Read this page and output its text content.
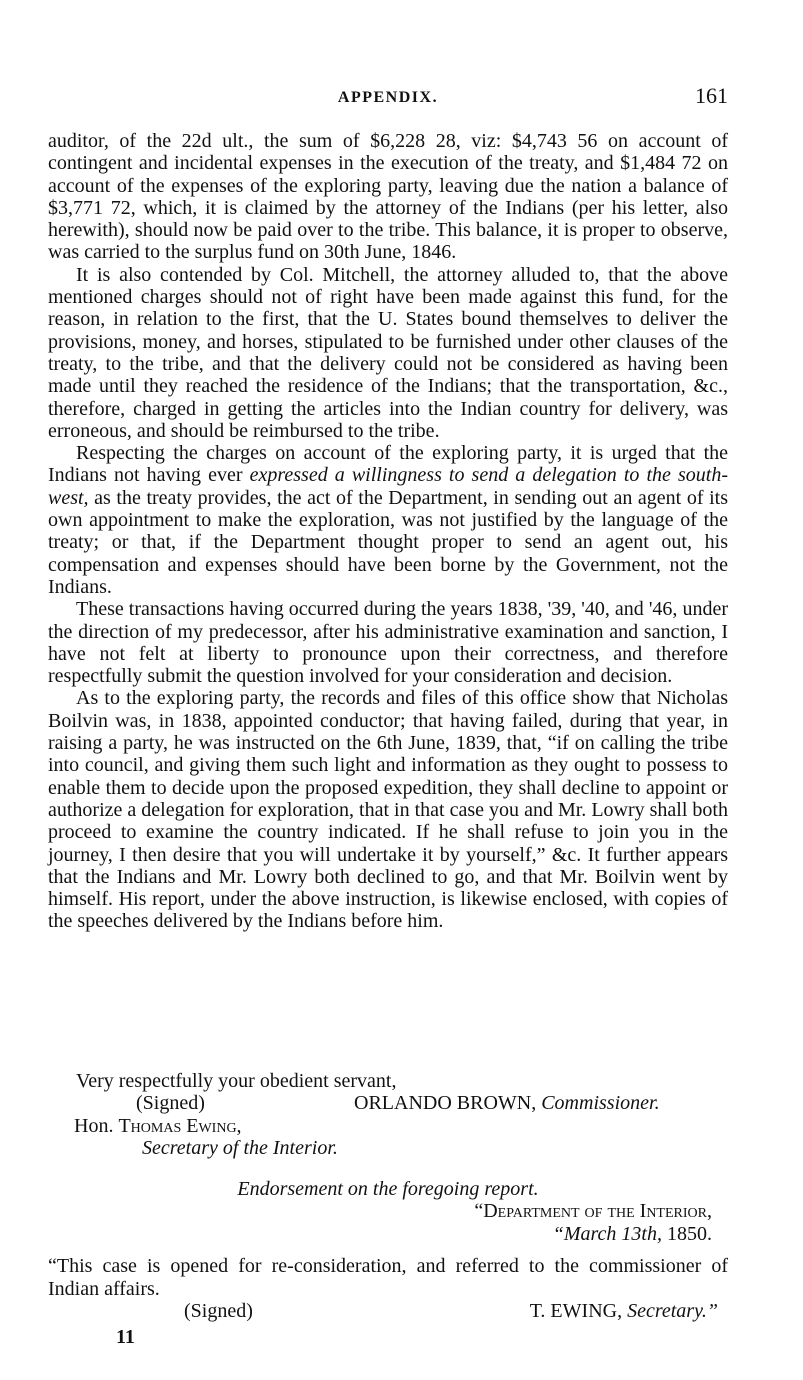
APPENDIX.	161

auditor, of the 22d ult., the sum of $6,228 28, viz: $4,743 56 on account of contingent and incidental expenses in the execution of the treaty, and $1,484 72 on account of the expenses of the exploring party, leaving due the nation a balance of $3,771 72, which, it is claimed by the attorney of the Indians (per his letter, also herewith), should now be paid over to the tribe. This balance, it is proper to observe, was carried to the surplus fund on 30th June, 1846.

It is also contended by Col. Mitchell, the attorney alluded to, that the above mentioned charges should not of right have been made against this fund, for the reason, in relation to the first, that the U. States bound themselves to deliver the provisions, money, and horses, stipulated to be furnished under other clauses of the treaty, to the tribe, and that the delivery could not be considered as having been made until they reached the residence of the Indians; that the transportation, &c., therefore, charged in getting the articles into the Indian country for delivery, was erroneous, and should be reimbursed to the tribe.

Respecting the charges on account of the exploring party, it is urged that the Indians not having ever expressed a willingness to send a delegation to the south-west, as the treaty provides, the act of the Department, in sending out an agent of its own appointment to make the exploration, was not justified by the language of the treaty; or that, if the Department thought proper to send an agent out, his compensation and expenses should have been borne by the Government, not the Indians.

These transactions having occurred during the years 1838, '39, '40, and '46, under the direction of my predecessor, after his administrative examination and sanction, I have not felt at liberty to pronounce upon their correctness, and therefore respectfully submit the question involved for your consideration and decision.

As to the exploring party, the records and files of this office show that Nicholas Boilvin was, in 1838, appointed conductor; that having failed, during that year, in raising a party, he was instructed on the 6th June, 1839, that, “if on calling the tribe into council, and giving them such light and information as they ought to possess to enable them to decide upon the proposed expedition, they shall decline to appoint or authorize a delegation for exploration, that in that case you and Mr. Lowry shall both proceed to examine the country indicated. If he shall refuse to join you in the journey, I then desire that you will undertake it by yourself,” &c. It further appears that the Indians and Mr. Lowry both declined to go, and that Mr. Boilvin went by himself. His report, under the above instruction, is likewise enclosed, with copies of the speeches delivered by the Indians before him.

Very respectfully your obedient servant,
(Signed)	ORLANDO BROWN, Commissioner.
Hon. Thomas Ewing,
Secretary of the Interior.
Endorsement on the foregoing report.
“Department of the Interior,
“March 13th, 1850.
“This case is opened for re-consideration, and referred to the commissioner of Indian affairs.
(Signed)	T. EWING, Secretary.”
11
